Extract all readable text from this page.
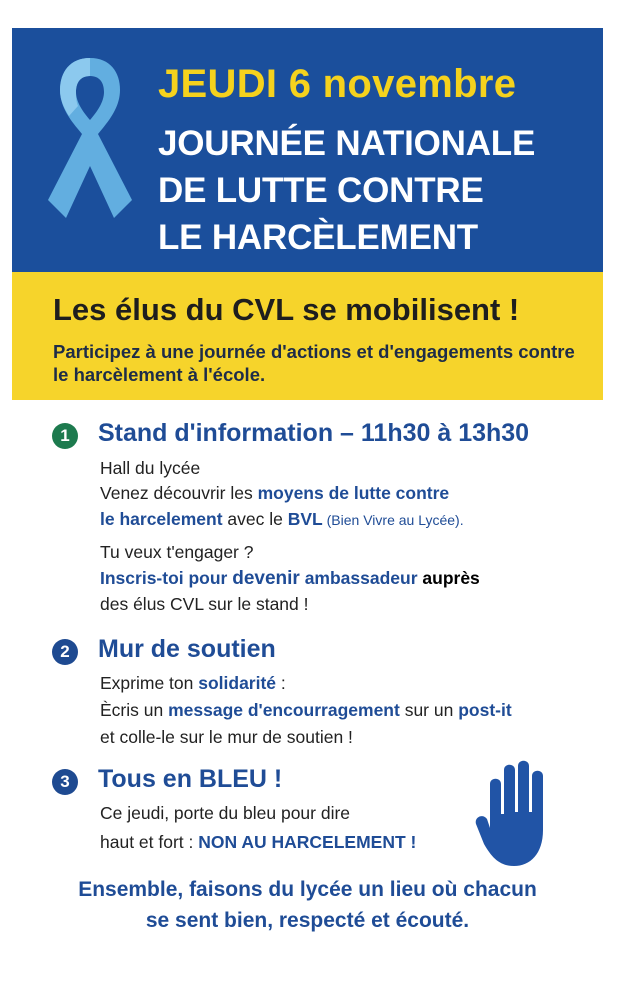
JEUDI 6 novembre
JOURNÉE NATIONALE
DE LUTTE CONTRE
LE HARCÈLEMENT
Les élus du CVL se mobilisent !
Participez à une journée d'actions et d'engagements contre le harcèlement à l'école.
1	Stand d'information – 11h30 à 13h30
Hall du lycée
Venez découvrir les moyens de lutte contre
le harcelement avec le BVL (Bien Vivre au Lycée).
Tu veux t'engager ?
Inscris-toi pour devenir ambassadeur auprès
des élus CVL sur le stand !
2	Mur de soutien
Exprime ton solidarité :
Ècris un message d'encourragement sur un post-it
et colle-le sur le mur de soutien !
3	Tous en BLEU !
Ce jeudi, porte du bleu pour dire
haut et fort : NON AU HARCELEMENT !
Ensemble, faisons du lycée un lieu où chacun
se sent bien, respecté et écouté.
